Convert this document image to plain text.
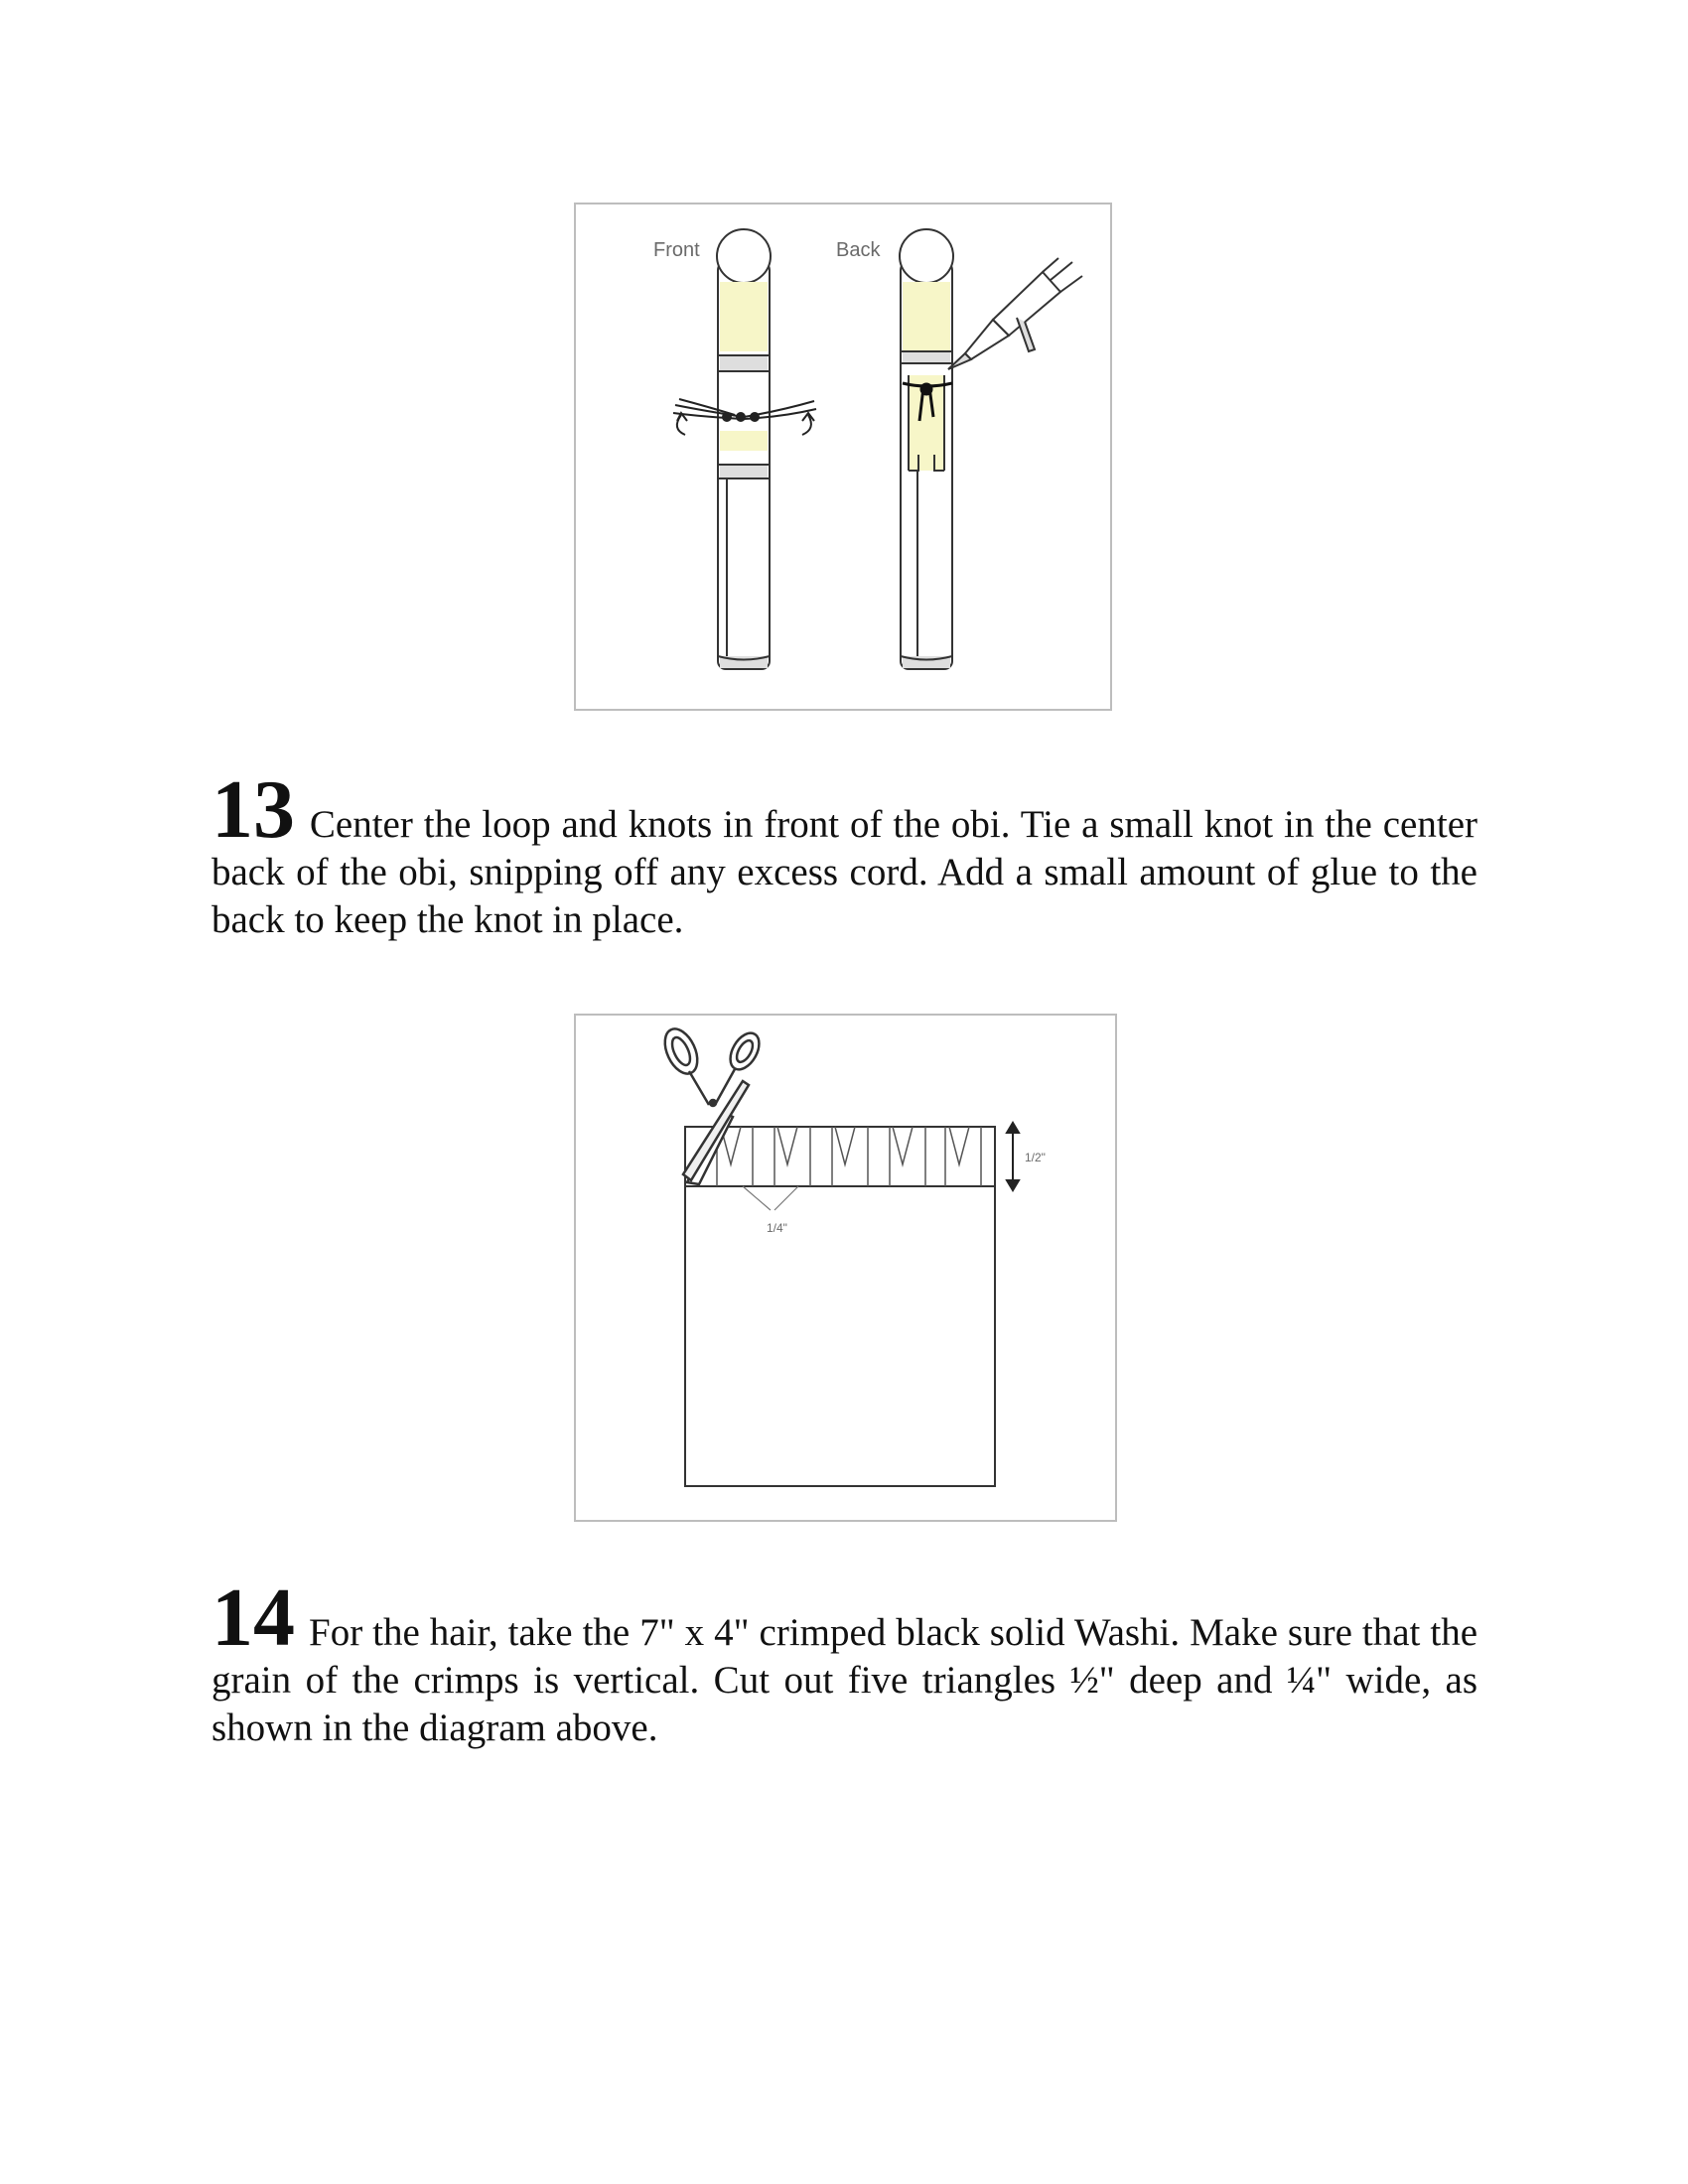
Front	Back
13 Center the loop and knots in front of the obi. Tie a small knot in the center back of the obi, snipping off any excess cord. Add a small amount of glue to the back to keep the knot in place.
1/4"
1/2"
14 For the hair, take the 7" x 4" crimped black solid Washi. Make sure that the grain of the crimps is vertical. Cut out five triangles ½" deep and ¼" wide, as shown in the diagram above.
